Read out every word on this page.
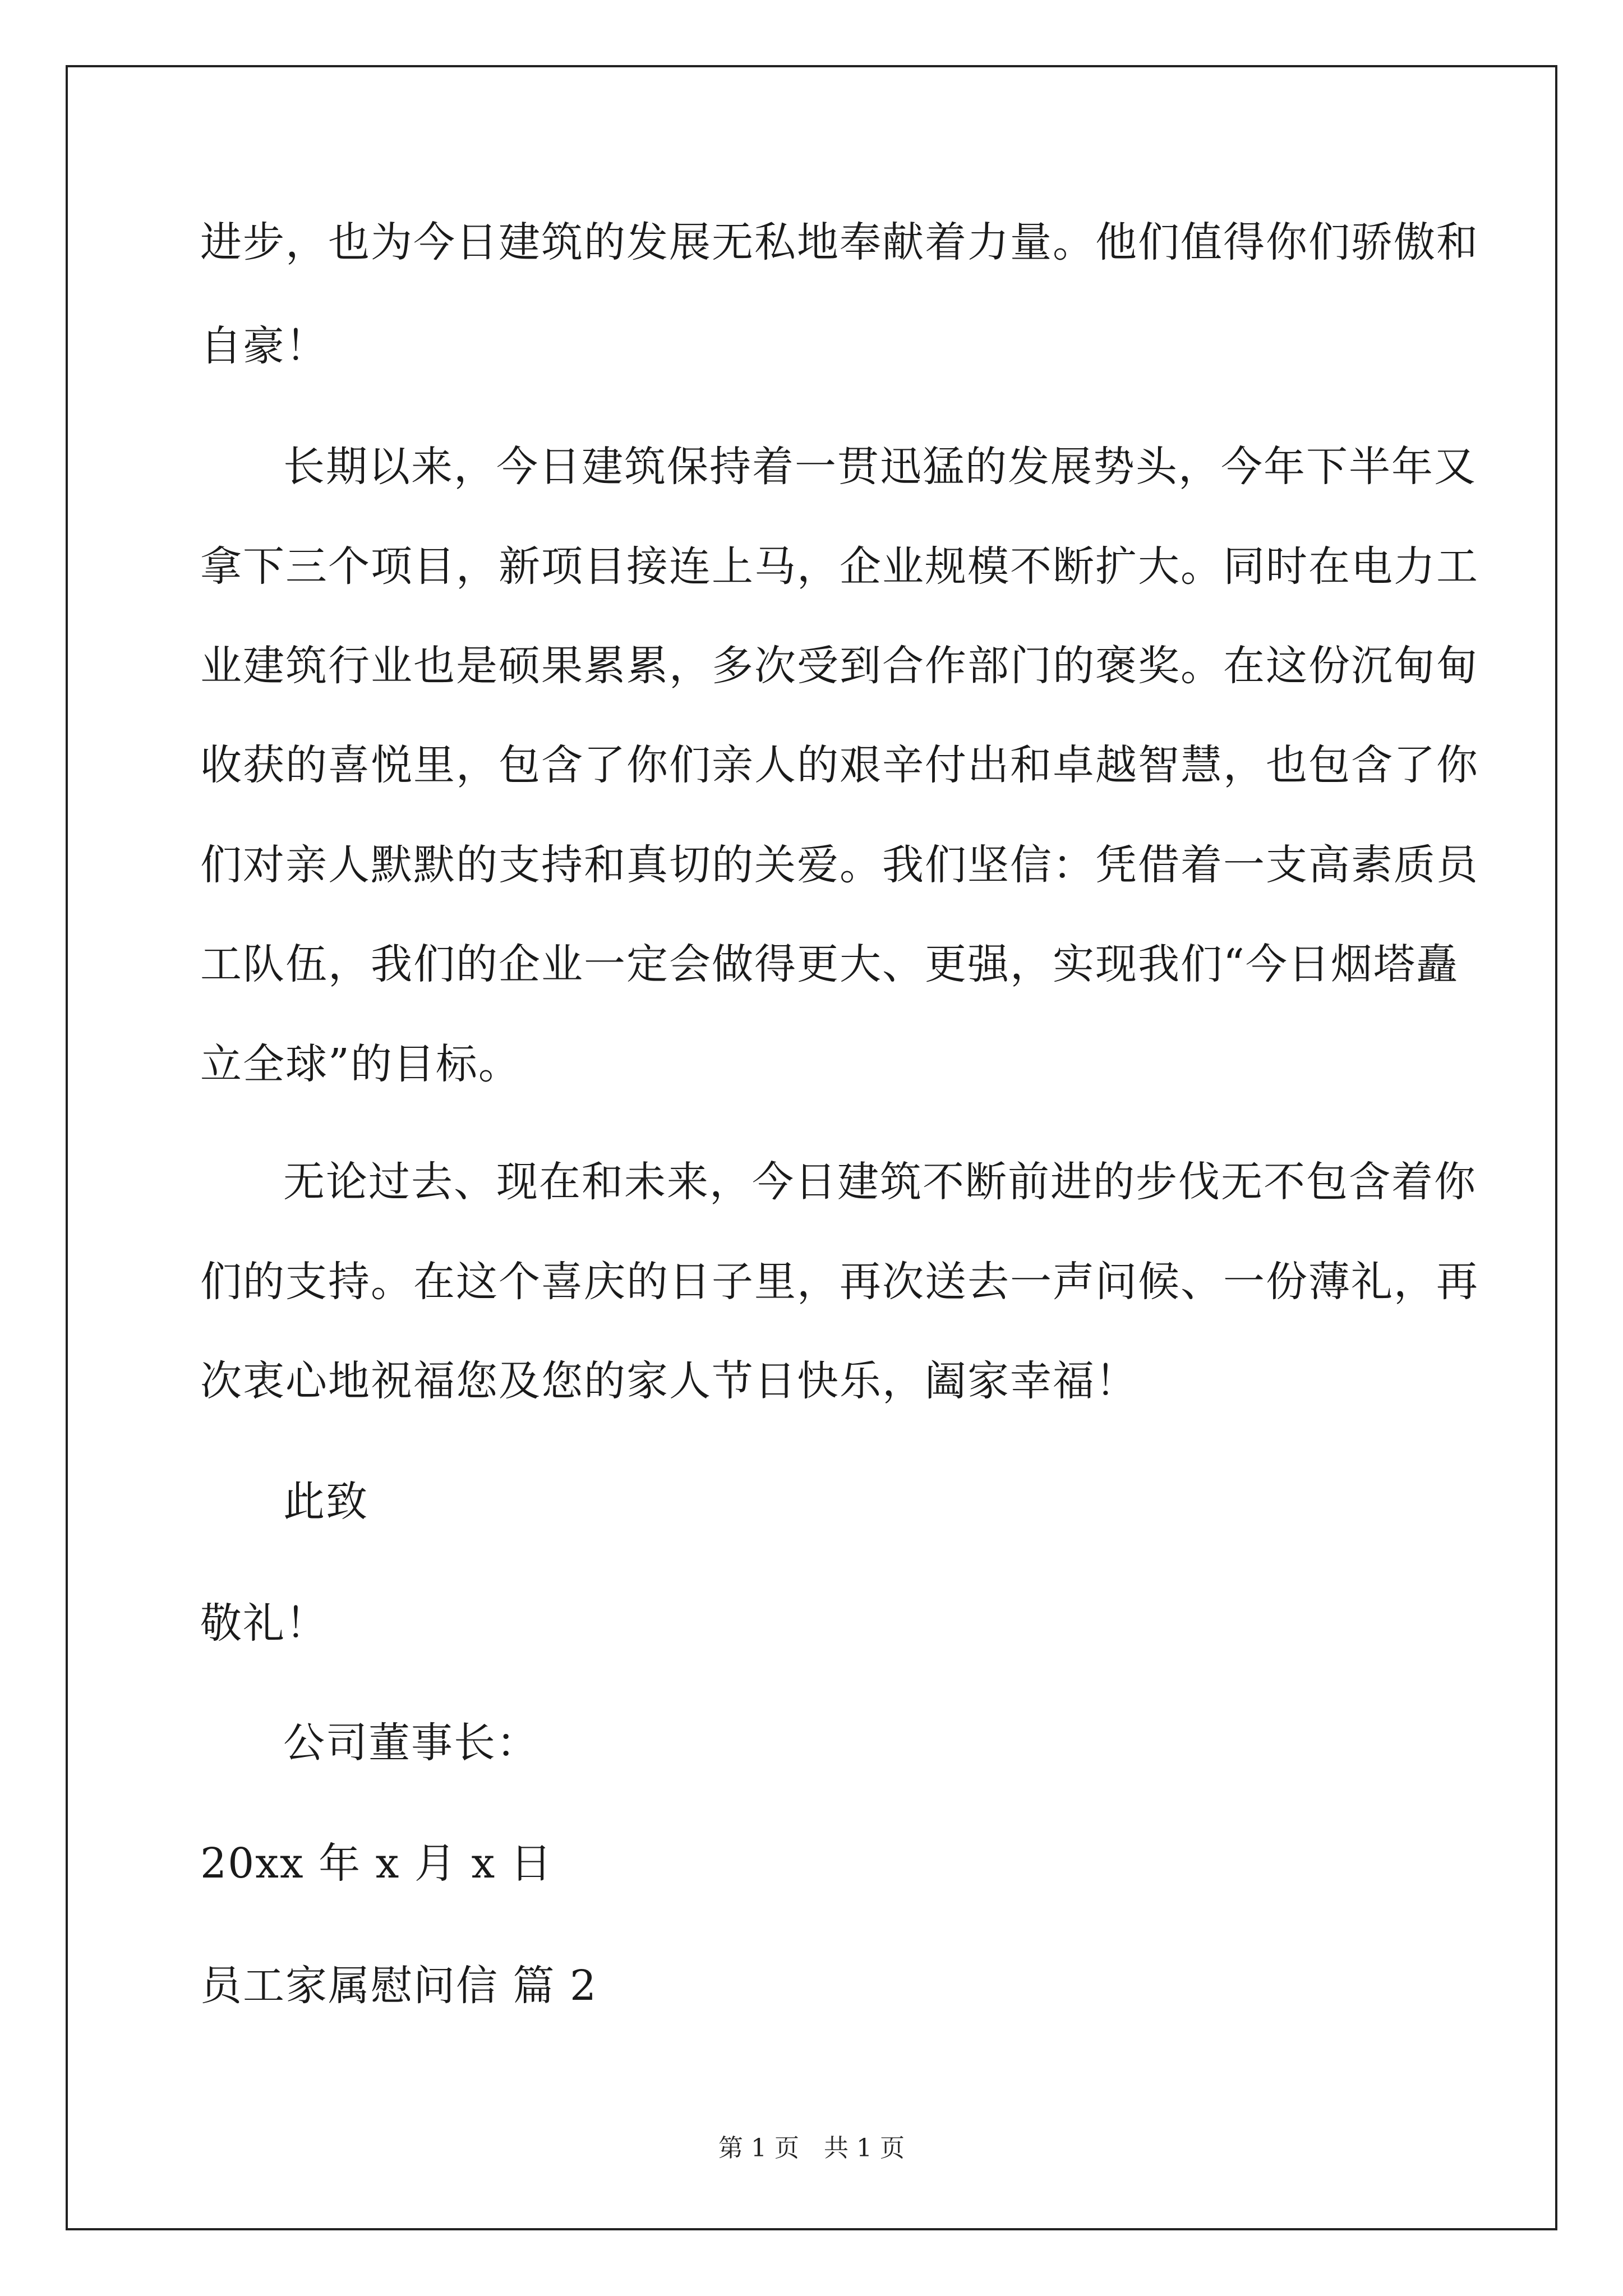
进步，也为今日建筑的发展无私地奉献着力量。他们值得你们骄傲和
自豪！
长期以来，今日建筑保持着一贯迅猛的发展势头，今年下半年又
拿下三个项目，新项目接连上马，企业规模不断扩大。同时在电力工
业建筑行业也是硕果累累，多次受到合作部门的褒奖。在这份沉甸甸
收获的喜悦里，包含了你们亲人的艰辛付出和卓越智慧，也包含了你
们对亲人默默的支持和真切的关爱。我们坚信：凭借着一支高素质员
工队伍，我们的企业一定会做得更大、更强，实现我们“今日烟塔矗
立全球”的目标。
无论过去、现在和未来，今日建筑不断前进的步伐无不包含着你
们的支持。在这个喜庆的日子里，再次送去一声问候、一份薄礼，再
次衷心地祝福您及您的家人节日快乐，阖家幸福！
此致
敬礼！
公司董事长：
20xx 年 x 月 x 日
员工家属慰问信 篇 2
第 1 页　共 1 页
